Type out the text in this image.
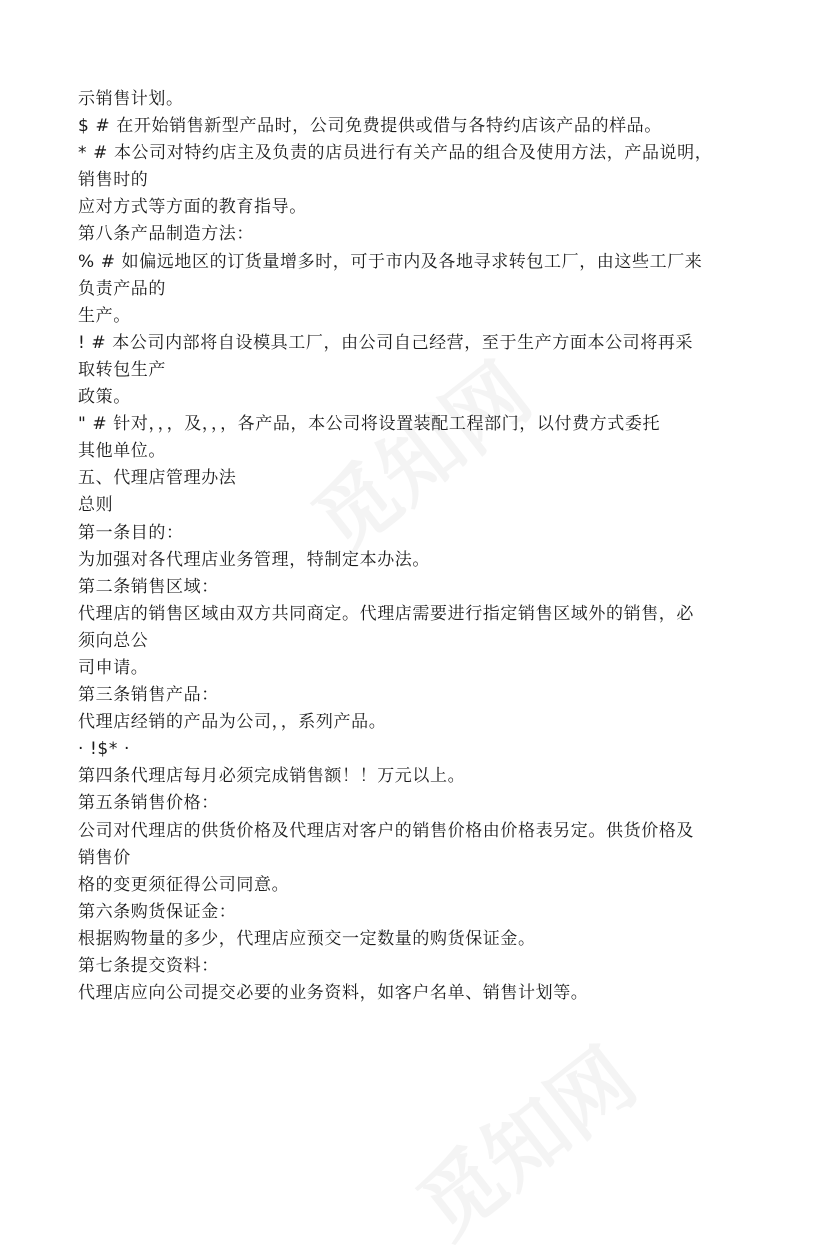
示销售计划。
$ # 在开始销售新型产品时，公司免费提供或借与各特约店该产品的样品。
* # 本公司对特约店主及负责的店员进行有关产品的组合及使用方法，产品说明，
销售时的
应对方式等方面的教育指导。
第八条产品制造方法：
% # 如偏远地区的订货量增多时，可于市内及各地寻求转包工厂，由这些工厂来
负责产品的
生产。
! # 本公司内部将自设模具工厂，由公司自己经营，至于生产方面本公司将再采
取转包生产
政策。
" # 针对，，，及，，，各产品，本公司将设置装配工程部门，以付费方式委托
其他单位。
五、代理店管理办法
总则
第一条目的：
为加强对各代理店业务管理，特制定本办法。
第二条销售区域：
代理店的销售区域由双方共同商定。代理店需要进行指定销售区域外的销售，必
须向总公
司申请。
第三条销售产品：
代理店经销的产品为公司，，系列产品。
· !$* ·
第四条代理店每月必须完成销售额！！万元以上。
第五条销售价格：
公司对代理店的供货价格及代理店对客户的销售价格由价格表另定。供货价格及
销售价
格的变更须征得公司同意。
第六条购货保证金：
根据购物量的多少，代理店应预交一定数量的购货保证金。
第七条提交资料：
代理店应向公司提交必要的业务资料，如客户名单、销售计划等。
